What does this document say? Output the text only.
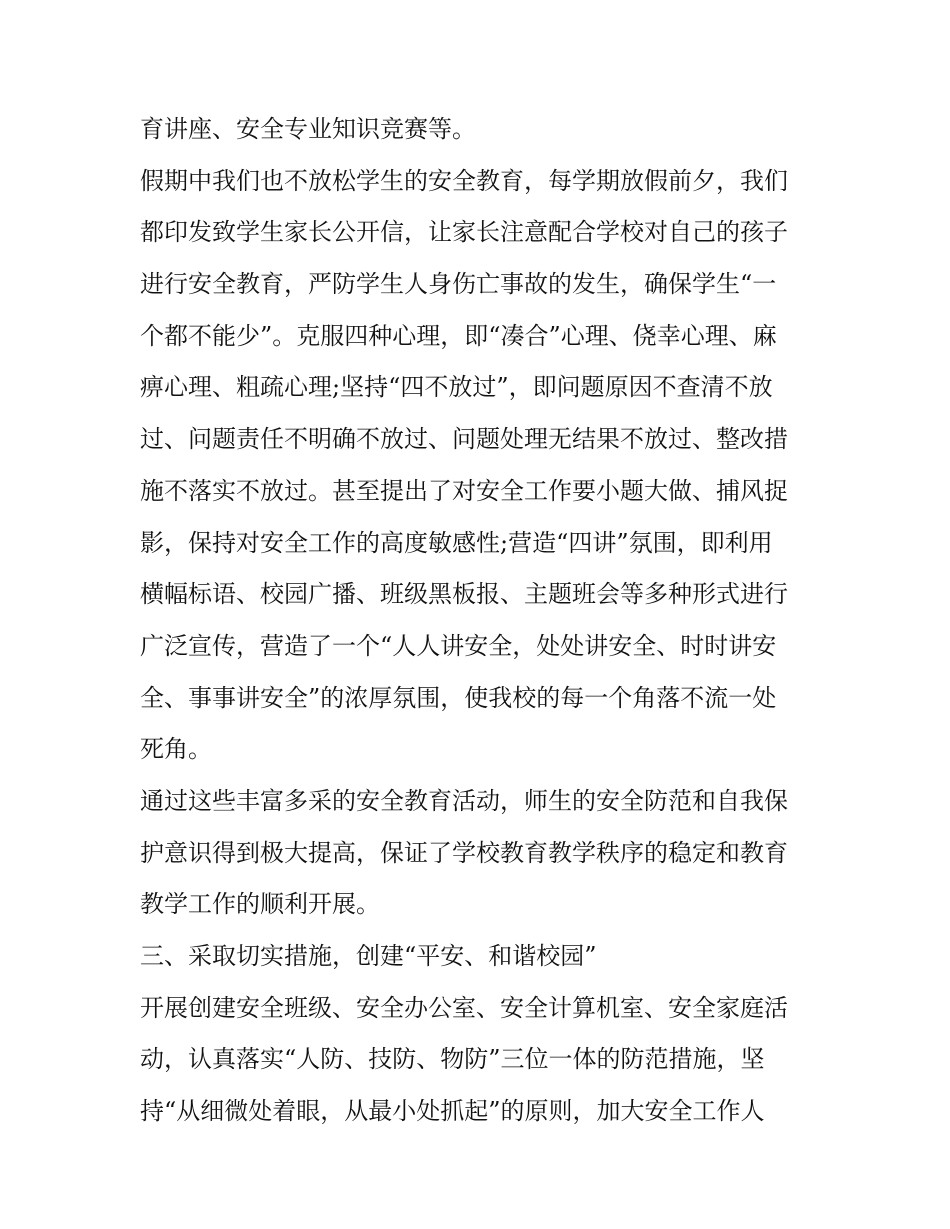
育讲座、安全专业知识竞赛等。
假期中我们也不放松学生的安全教育，每学期放假前夕，我们
都印发致学生家长公开信，让家长注意配合学校对自己的孩子
进行安全教育，严防学生人身伤亡事故的发生，确保学生“一
个都不能少”。克服四种心理，即“凑合”心理、侥幸心理、麻
痹心理、粗疏心理;坚持“四不放过”，即问题原因不查清不放
过、问题责任不明确不放过、问题处理无结果不放过、整改措
施不落实不放过。甚至提出了对安全工作要小题大做、捕风捉
影，保持对安全工作的高度敏感性;营造“四讲”氛围，即利用
横幅标语、校园广播、班级黑板报、主题班会等多种形式进行
广泛宣传，营造了一个“人人讲安全，处处讲安全、时时讲安
全、事事讲安全”的浓厚氛围，使我校的每一个角落不流一处
死角。
通过这些丰富多采的安全教育活动，师生的安全防范和自我保
护意识得到极大提高，保证了学校教育教学秩序的稳定和教育
教学工作的顺利开展。
三、采取切实措施，创建“平安、和谐校园”
开展创建安全班级、安全办公室、安全计算机室、安全家庭活
动，认真落实“人防、技防、物防”三位一体的防范措施，坚
持“从细微处着眼，从最小处抓起”的原则，加大安全工作人
